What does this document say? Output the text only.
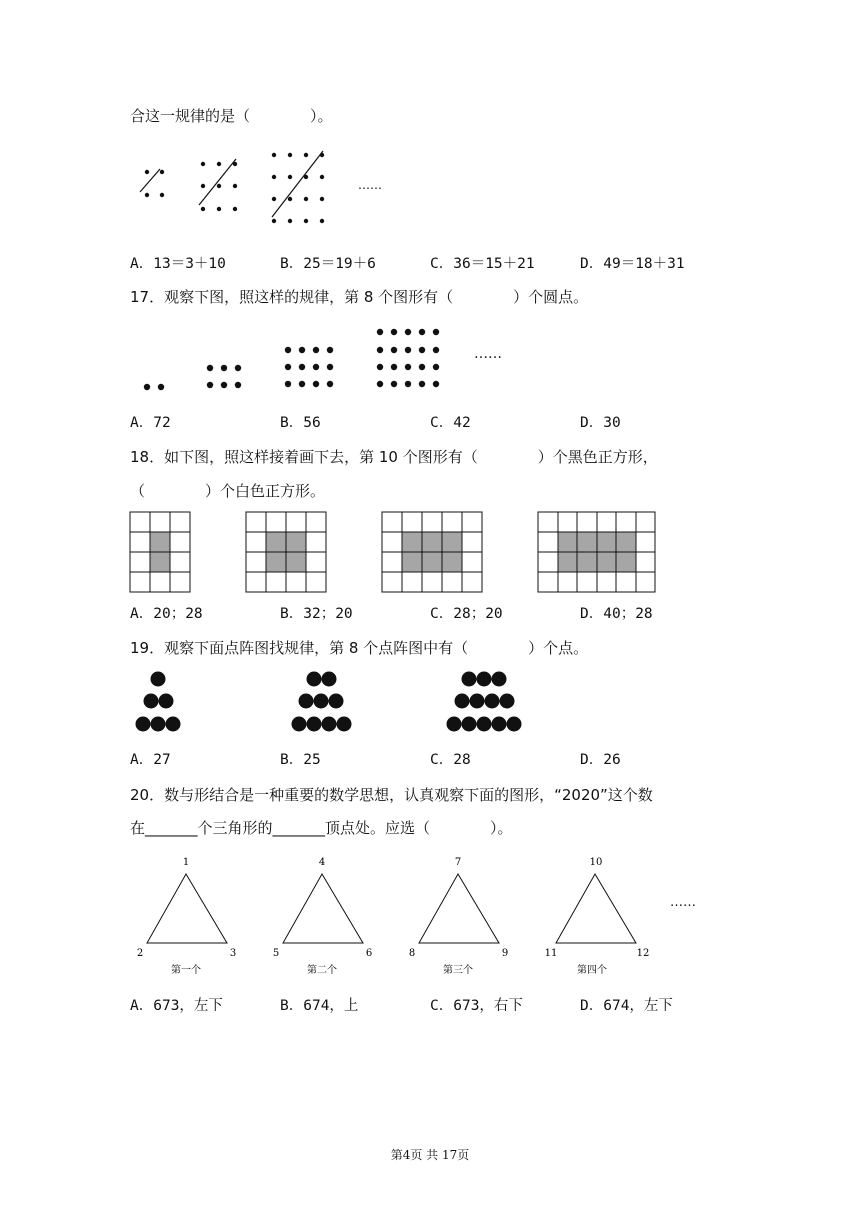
合这一规律的是（　　　　）。
……
A．13＝3＋10	B．25＝19＋6	C．36＝15＋21	D．49＝18＋31
17．观察下图，照这样的规律，第 8 个图形有（　　　　）个圆点。
……
A．72	B．56	C．42	D．30
18．如下图，照这样接着画下去，第 10 个图形有（　　　　）个黑色正方形，
（　　　　）个白色正方形。
A．20；28	B．32；20	C．28；20	D．40；28
19．观察下面点阵图找规律，第 8 个点阵图中有（　　　　）个点。
A．27	B．25	C．28	D．26
20．数与形结合是一种重要的数学思想，认真观察下面的图形，“2020”这个数
在_______个三角形的_______顶点处。应选（　　　　）。
1
2	3
第一个
4
5	6
第二个
7
8	9
第三个
10
11	12
第四个
……
A．673，左下	B．674，上	C．673，右下	D．674，左下
第4页 共 17页
